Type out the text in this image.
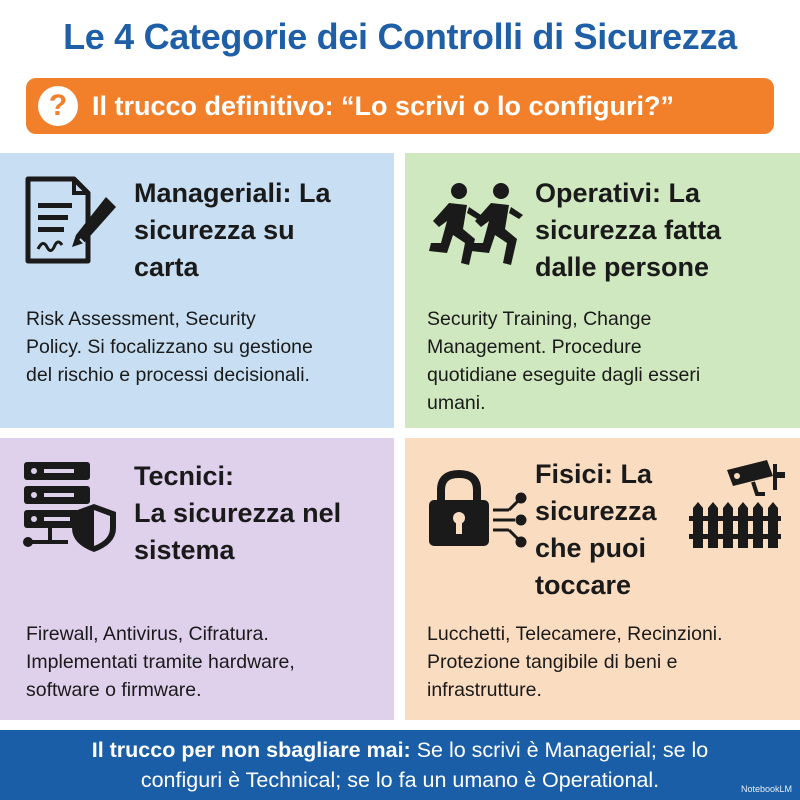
Le 4 Categorie dei Controlli di Sicurezza
? Il trucco definitivo: “Lo scrivi o lo configuri?”
Manageriali: La
sicurezza su
carta
Risk Assessment, Security
Policy. Si focalizzano su gestione
del rischio e processi decisionali.
Operativi: La
sicurezza fatta
dalle persone
Security Training, Change
Management. Procedure
quotidiane eseguite dagli esseri
umani.
Tecnici:
La sicurezza nel
sistema
Firewall, Antivirus, Cifratura.
Implementati tramite hardware,
software o firmware.
Fisici: La
sicurezza
che puoi
toccare
Lucchetti, Telecamere, Recinzioni.
Protezione tangibile di beni e
infrastrutture.
Il trucco per non sbagliare mai: Se lo scrivi è Managerial; se lo
configuri è Technical; se lo fa un umano è Operational.	NotebookLM
